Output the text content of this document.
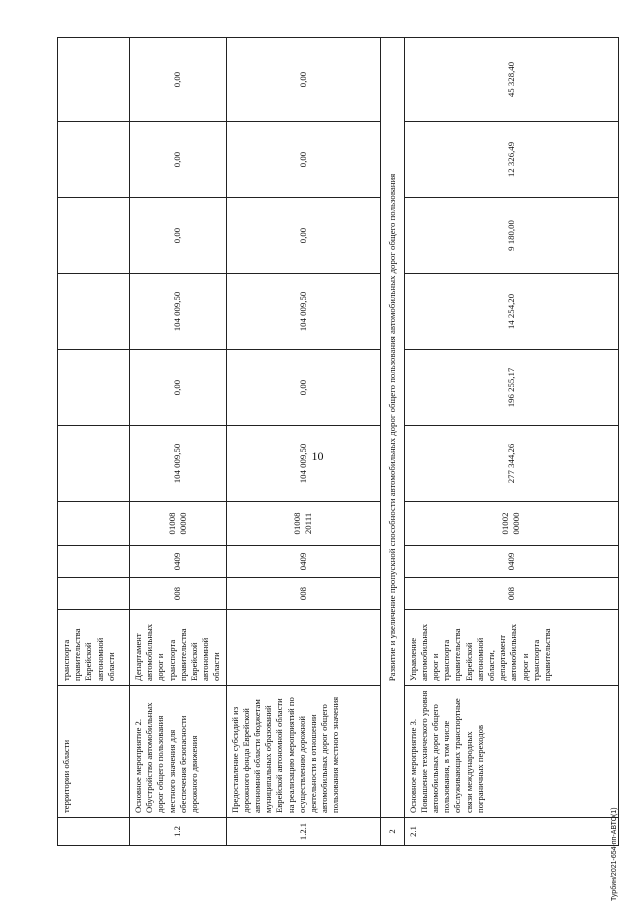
10
	территории области	транспорта правительства Еврейской автономной области									
1.2	Основное мероприятие 2. Обустройство автомобильных дорог общего пользования местного значения для обеспечения безопасности дорожного движения	Департамент автомобильных дорог и транспорта правительства Еврейской автономной области	008	0409	01008 00000	104 009,50	0,00	104 009,50	0,00	0,00	0,00
1.2.1	Предоставление субсидий из дорожного фонда Еврейской автономной области бюджетам муниципальных образований Еврейской автономной области на реализацию мероприятий по осуществлению дорожной деятельности в отношении автомобильных дорог общего пользования местного значения		008	0409	01008 20111	104 009,50	0,00	104 009,50	0,00	0,00	0,00
2	Развитие и увеличение пропускной способности автомобильных дорог общего пользования автомобильных дорог общего пользования										
2.1	Основное мероприятие 3. Повышение технического уровня автомобильных дорог общего пользования, в том числе обслуживающих транспортные связи международных пограничных переходов	Управление автомобильных дорог и транспорта правительства Еврейской автономной области, департамент автомобильных дорог и транспорта правительства	008	0409	01002 00000	277 344,26	196 255,17	14 254,20	9 180,00	12 326,49	45 328,40
Турбин/2021-654-пп-АВТО(1)
